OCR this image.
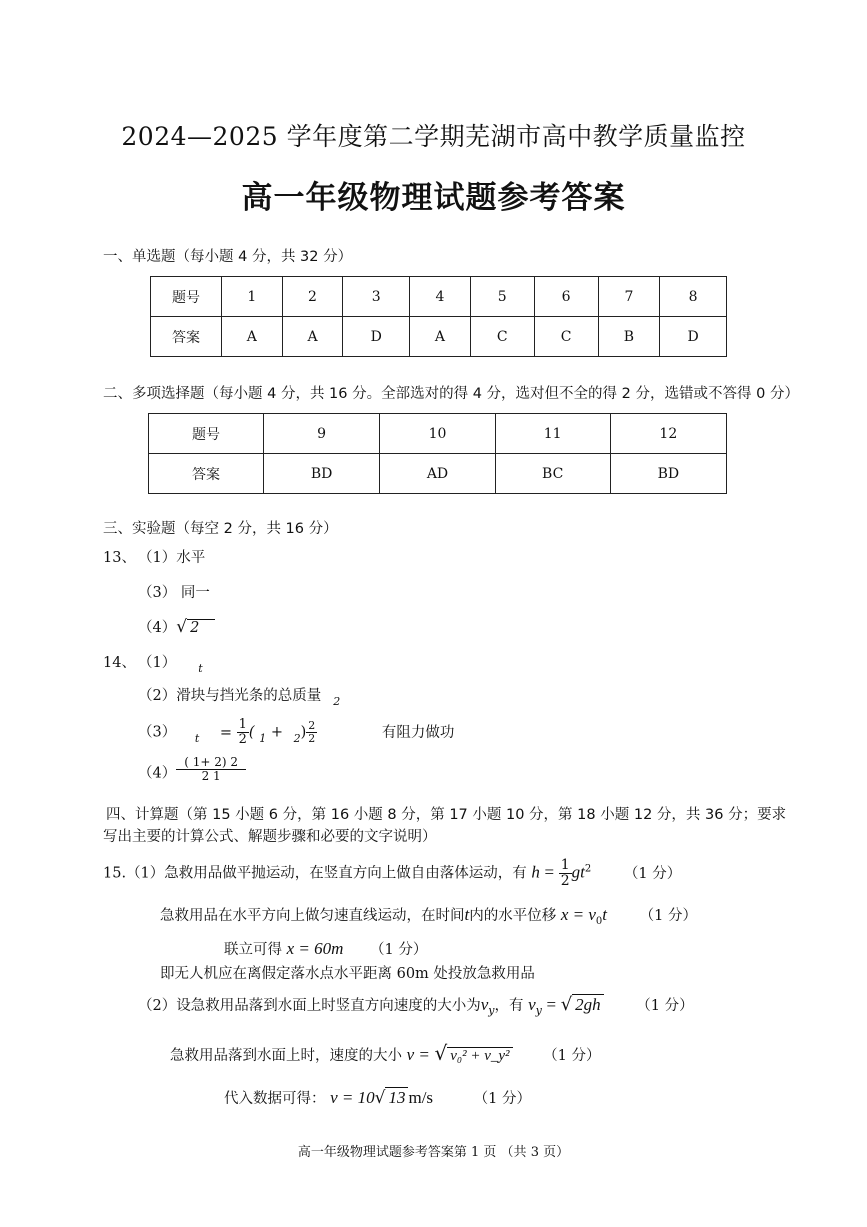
2024—2025 学年度第二学期芜湖市高中教学质量监控
高一年级物理试题参考答案
一、单选题（每小题 4 分，共 32 分）
题号	1	2	3	4	5	6	7	8
答案	A	A	D	A	C	C	B	D
二、多项选择题（每小题 4 分，共 16 分。全部选对的得 4 分，选对但不全的得 2 分，选错或不答得 0 分）
题号	9	10	11	12
答案	BD	AD	BC	BD
三、实验题（每空 2 分，共 16 分）
13、 （1）水平
（3） 同一
（4）√ 2
14、 （1） $_t$
（2）滑块与挡光条的总质量 $_2$
（3） $_t = \frac{1}{2}$ ( $_1 + _2) \frac{2}{2}$	有阻力做功
$(4) \frac{( 1+ 2) 2}{2 1}$
四、计算题（第 15 小题 6 分，第 16 小题 8 分，第 17 小题 10 分，第 18 小题 12 分，共 36 分；要求
写出主要的计算公式、解题步骤和必要的文字说明）
15.（1）急救用品做平抛运动，在竖直方向上做自由落体运动，有 $h = \frac{1}{2} gt^2$ （1 分）
急救用品在水平方向上做匀速直线运动，在时间t内的水平位移 $x = v_0t$ （1 分）
联立可得 x = 60m （1 分）
即无人机应在离假定落水点水平距离 60m 处投放急救用品
（2）设急救用品落到水面上时竖直方向速度的大小为$v_y$，有 $v_y$ = √ 2gh （1 分）
急救用品落到水面上时，速度的大小 v = √ v₀² + v_y² （1 分）
代入数据可得： v = 10√ 13 m/s	（1 分）
高一年级物理试题参考答案第 1 页 （共 3 页）
